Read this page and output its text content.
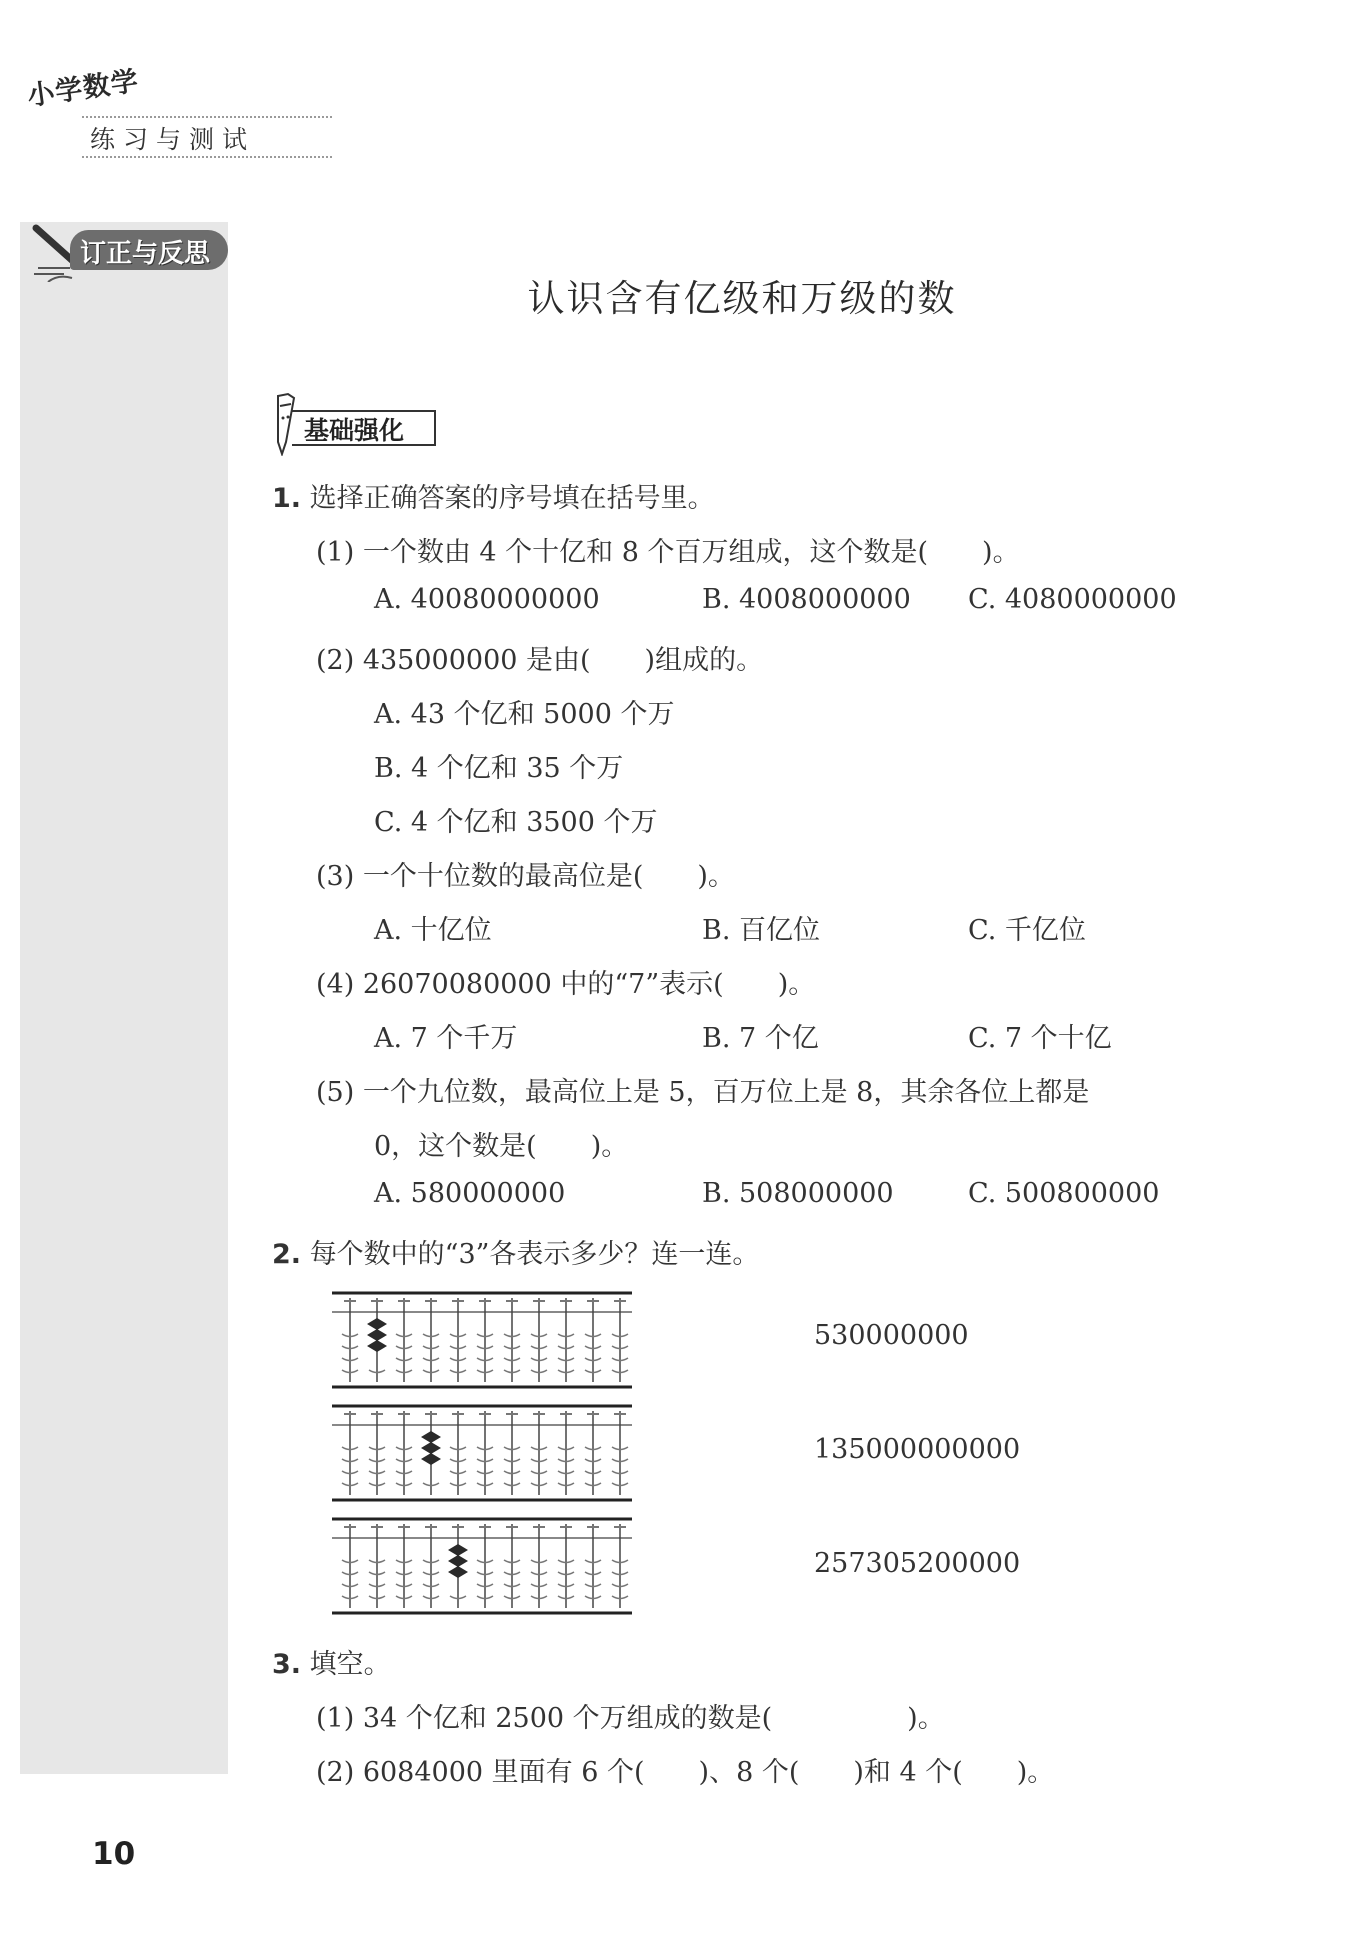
小学数学
练习与测试
订正与反思
认识含有亿级和万级的数
基础强化
1. 选择正确答案的序号填在括号里。
(1) 一个数由 4 个十亿和 8 个百万组成，这个数是(　　)。
A. 40080000000	B. 4008000000 C. 4080000000
(2) 435000000 是由(　　)组成的。
A. 43 个亿和 5000 个万
B. 4 个亿和 35 个万
C. 4 个亿和 3500 个万
(3) 一个十位数的最高位是(　　)。
A. 十亿位	B. 百亿位	C. 千亿位
(4) 26070080000 中的“7”表示(　　)。
A. 7 个千万	B. 7 个亿	C. 7 个十亿
(5) 一个九位数，最高位上是 5，百万位上是 8，其余各位上都是
0，这个数是(　　)。
A. 580000000	B. 508000000	C. 500800000
2. 每个数中的“3”各表示多少？连一连。
530000000
135000000000
257305200000
3. 填空。
(1) 34 个亿和 2500 个万组成的数是(　　　　　)。
(2) 6084000 里面有 6 个(　　)、8 个(　　)和 4 个(　　)。
10
